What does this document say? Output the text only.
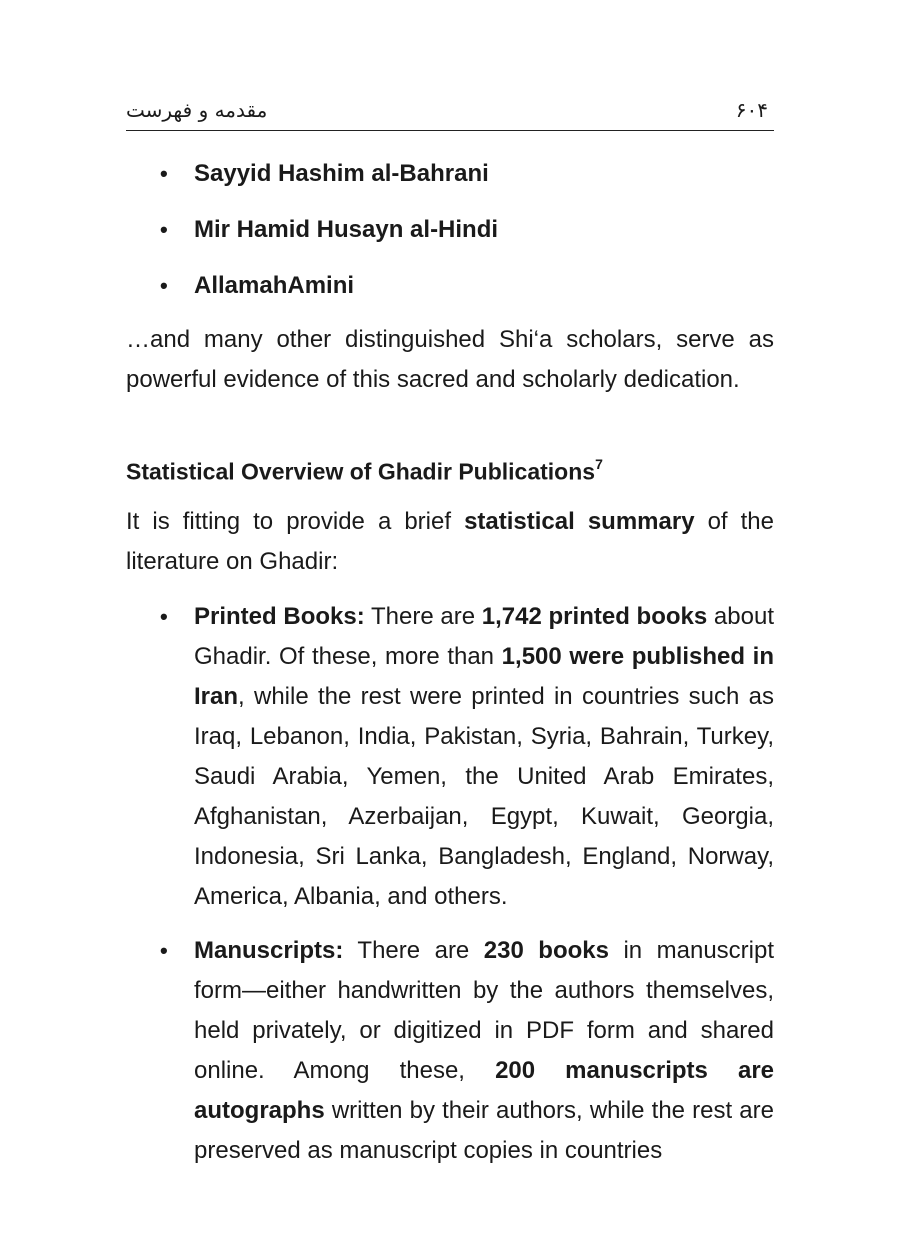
مقدمه و فهرست	۶۰۴
• Sayyid Hashim al-Bahrani
• Mir Hamid Husayn al-Hindi
• AllamahAmini

…and many other distinguished Shi‘a scholars, serve as powerful evidence of this sacred and scholarly dedication.

Statistical Overview of Ghadir Publications$^7$

It is fitting to provide a brief statistical summary of the literature on Ghadir:

• Printed Books: There are 1,742 printed books about Ghadir. Of these, more than 1,500 were published in Iran, while the rest were printed in countries such as Iraq, Lebanon, India, Pakistan, Syria, Bahrain, Turkey, Saudi Arabia, Yemen, the United Arab Emirates, Afghanistan, Azerbaijan, Egypt, Kuwait, Georgia, Indonesia, Sri Lanka, Bangladesh, England, Norway, America, Albania, and others.
• Manuscripts: There are 230 books in manuscript form—either handwritten by the authors themselves, held privately, or digitized in PDF form and shared online. Among these, 200 manuscripts are autographs written by their authors, while the rest are preserved as manuscript copies in countries
